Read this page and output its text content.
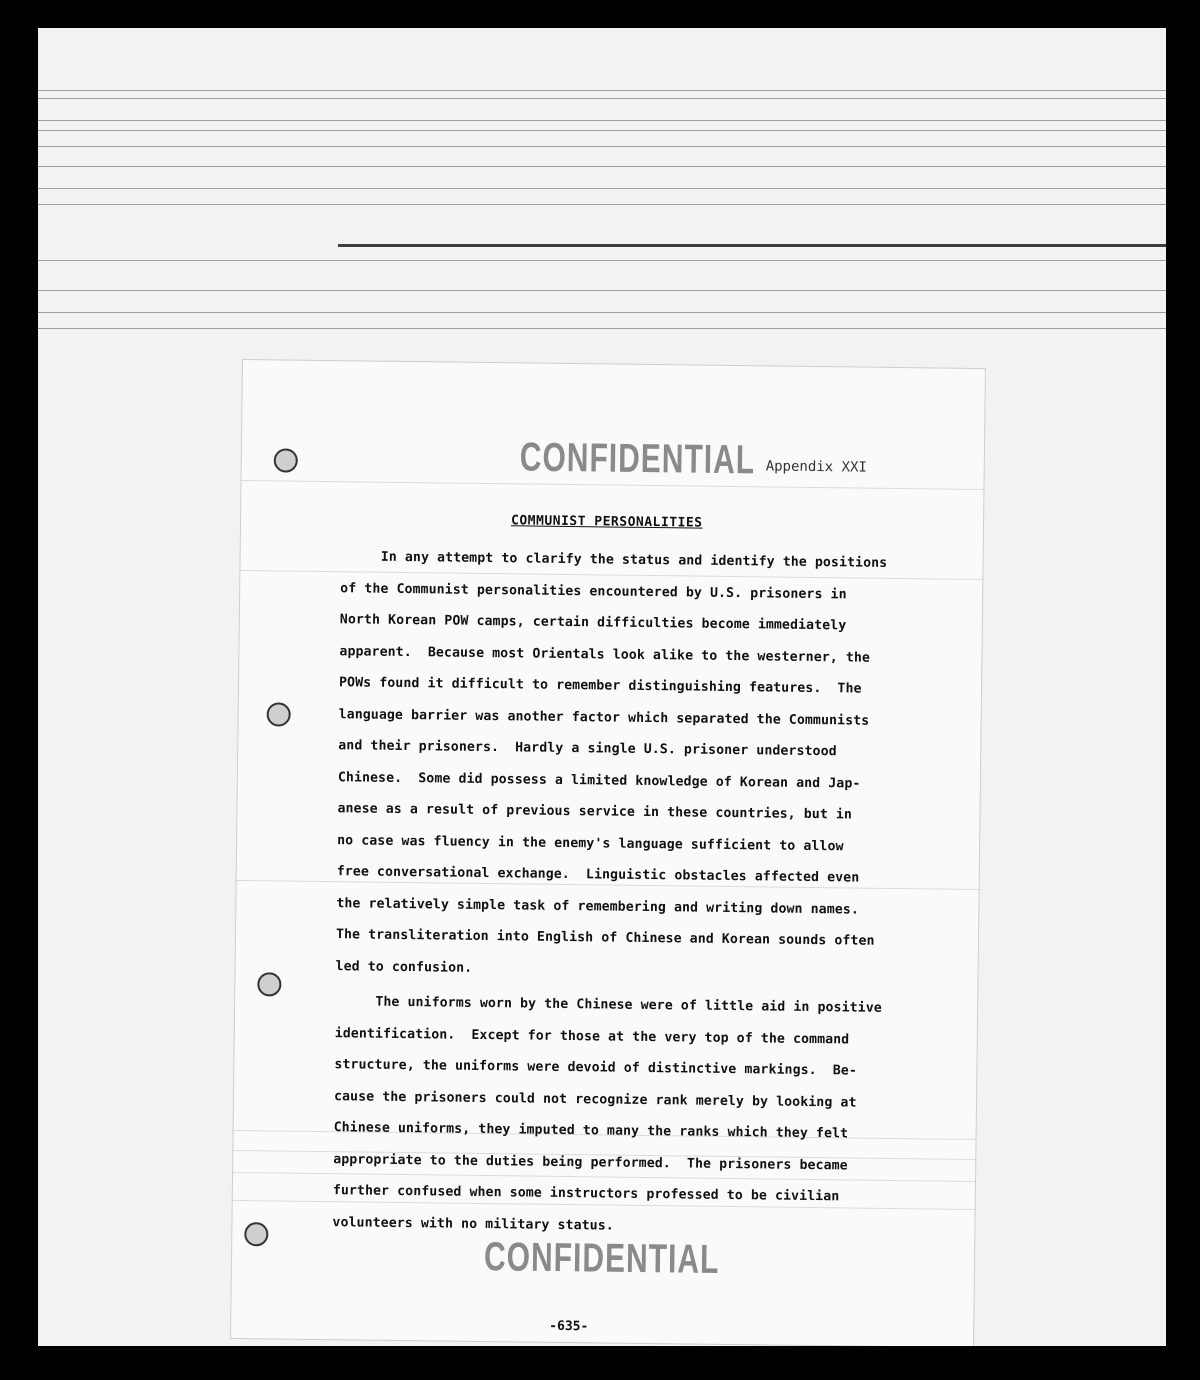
CONFIDENTIAL Appendix XXI
COMMUNIST PERSONALITIES
In any attempt to clarify the status and identify the positions
of the Communist personalities encountered by U.S. prisoners in
North Korean POW camps, certain difficulties become immediately
apparent.  Because most Orientals look alike to the westerner, the
POWs found it difficult to remember distinguishing features.  The
language barrier was another factor which separated the Communists
and their prisoners.  Hardly a single U.S. prisoner understood
Chinese.  Some did possess a limited knowledge of Korean and Jap-
anese as a result of previous service in these countries, but in
no case was fluency in the enemy's language sufficient to allow
free conversational exchange.  Linguistic obstacles affected even
the relatively simple task of remembering and writing down names.
The transliteration into English of Chinese and Korean sounds often
led to confusion.
The uniforms worn by the Chinese were of little aid in positive
identification.  Except for those at the very top of the command
structure, the uniforms were devoid of distinctive markings.  Be-
cause the prisoners could not recognize rank merely by looking at
Chinese uniforms, they imputed to many the ranks which they felt
appropriate to the duties being performed.  The prisoners became
further confused when some instructors professed to be civilian
volunteers with no military status.
CONFIDENTIAL
-635-
